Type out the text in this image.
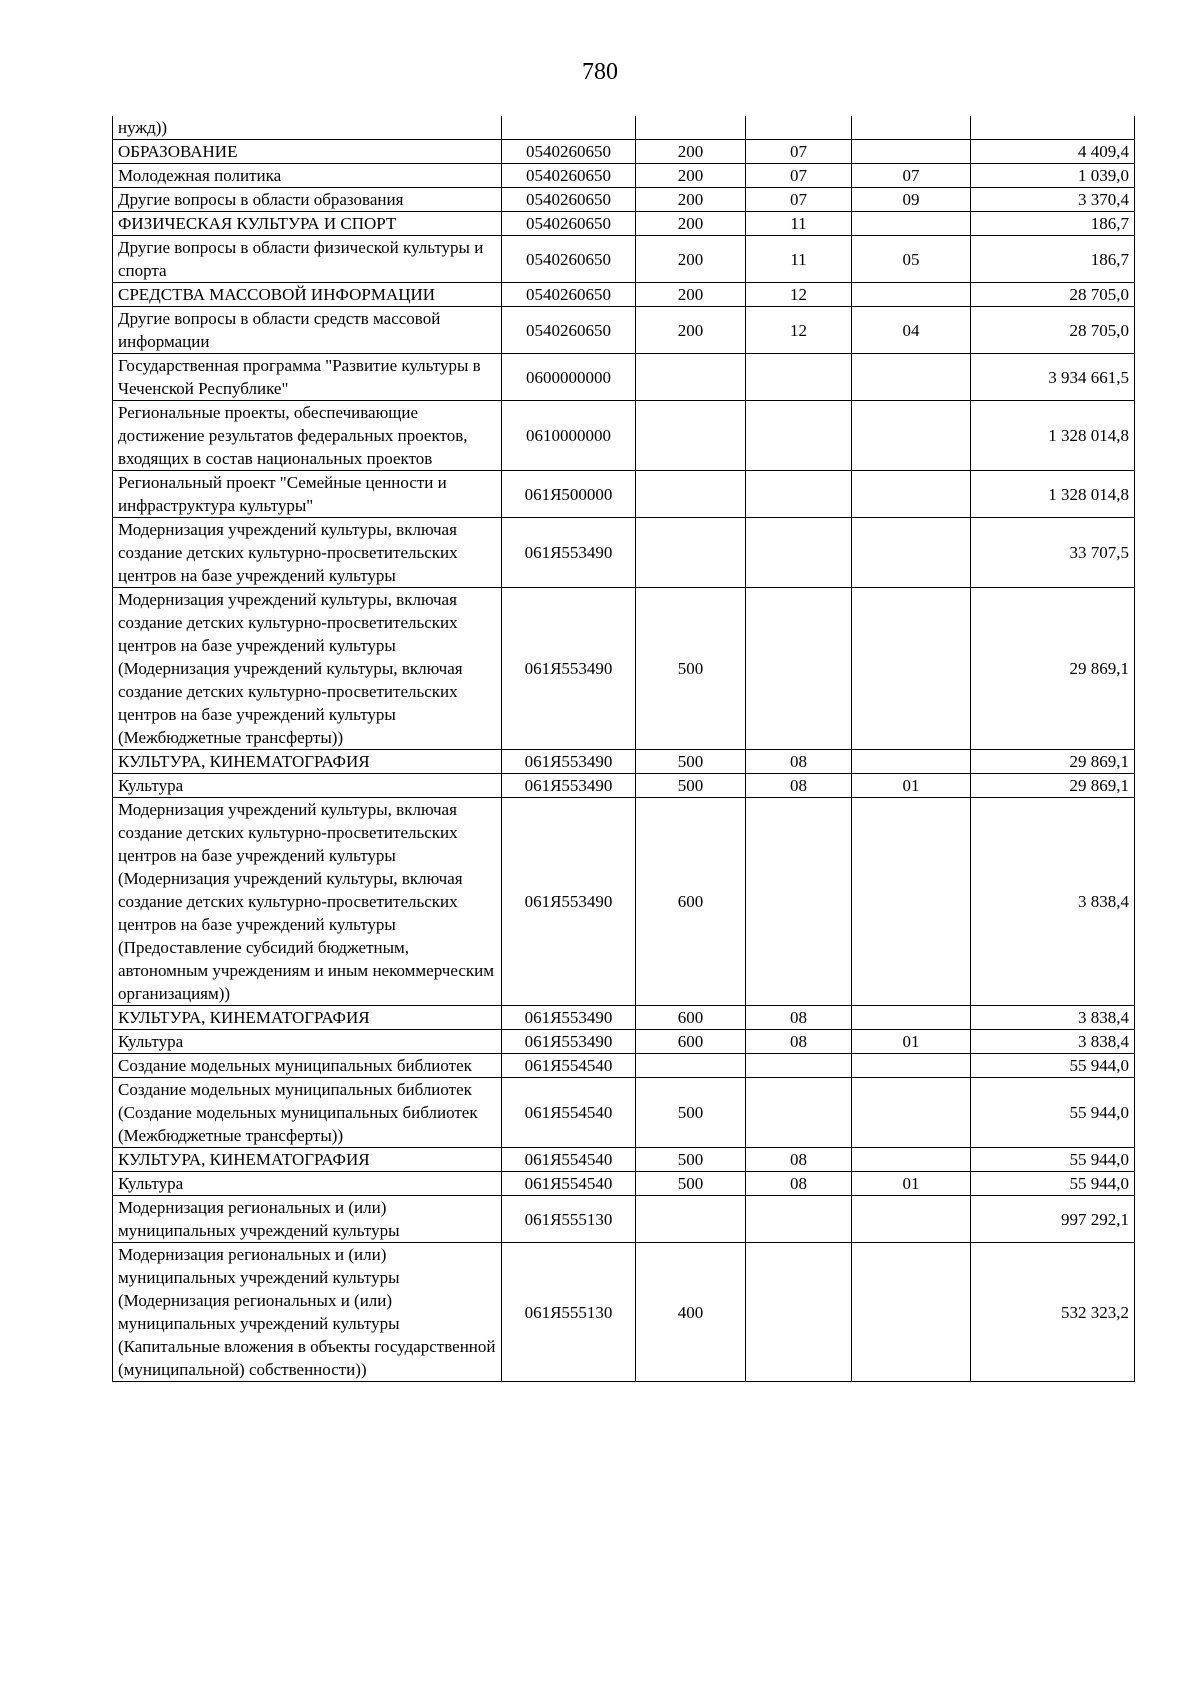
780
нужд))					
ОБРАЗОВАНИЕ	0540260650	200	07		4 409,4
Молодежная политика	0540260650	200	07	07	1 039,0
Другие вопросы в области образования	0540260650	200	07	09	3 370,4
ФИЗИЧЕСКАЯ КУЛЬТУРА И СПОРТ	0540260650	200	11		186,7
Другие вопросы в области физической культуры и спорта	0540260650	200	11	05	186,7
СРЕДСТВА МАССОВОЙ ИНФОРМАЦИИ	0540260650	200	12		28 705,0
Другие вопросы в области средств массовой информации	0540260650	200	12	04	28 705,0
Государственная программа "Развитие культуры в Чеченской Республике"	0600000000				3 934 661,5
Региональные проекты, обеспечивающие достижение результатов федеральных проектов, входящих в состав национальных проектов	0610000000				1 328 014,8
Региональный проект "Семейные ценности и инфраструктура культуры"	061Я500000				1 328 014,8
Модернизация учреждений культуры, включая создание детских культурно-просветительских центров на базе учреждений культуры	061Я553490				33 707,5
Модернизация учреждений культуры, включая создание детских культурно-просветительских центров на базе учреждений культуры (Модернизация учреждений культуры, включая создание детских культурно-просветительских центров на базе учреждений культуры (Межбюджетные трансферты))	061Я553490	500			29 869,1
КУЛЬТУРА, КИНЕМАТОГРАФИЯ	061Я553490	500	08		29 869,1
Культура	061Я553490	500	08	01	29 869,1
Модернизация учреждений культуры, включая создание детских культурно-просветительских центров на базе учреждений культуры (Модернизация учреждений культуры, включая создание детских культурно-просветительских центров на базе учреждений культуры (Предоставление субсидий бюджетным, автономным учреждениям и иным некоммерческим организациям))	061Я553490	600			3 838,4
КУЛЬТУРА, КИНЕМАТОГРАФИЯ	061Я553490	600	08		3 838,4
Культура	061Я553490	600	08	01	3 838,4
Создание модельных муниципальных библиотек	061Я554540				55 944,0
Создание модельных муниципальных библиотек (Создание модельных муниципальных библиотек (Межбюджетные трансферты))	061Я554540	500			55 944,0
КУЛЬТУРА, КИНЕМАТОГРАФИЯ	061Я554540	500	08		55 944,0
Культура	061Я554540	500	08	01	55 944,0
Модернизация региональных и (или) муниципальных учреждений культуры	061Я555130				997 292,1
Модернизация региональных и (или) муниципальных учреждений культуры (Модернизация региональных и (или) муниципальных учреждений культуры (Капитальные вложения в объекты государственной (муниципальной) собственности))	061Я555130	400			532 323,2
